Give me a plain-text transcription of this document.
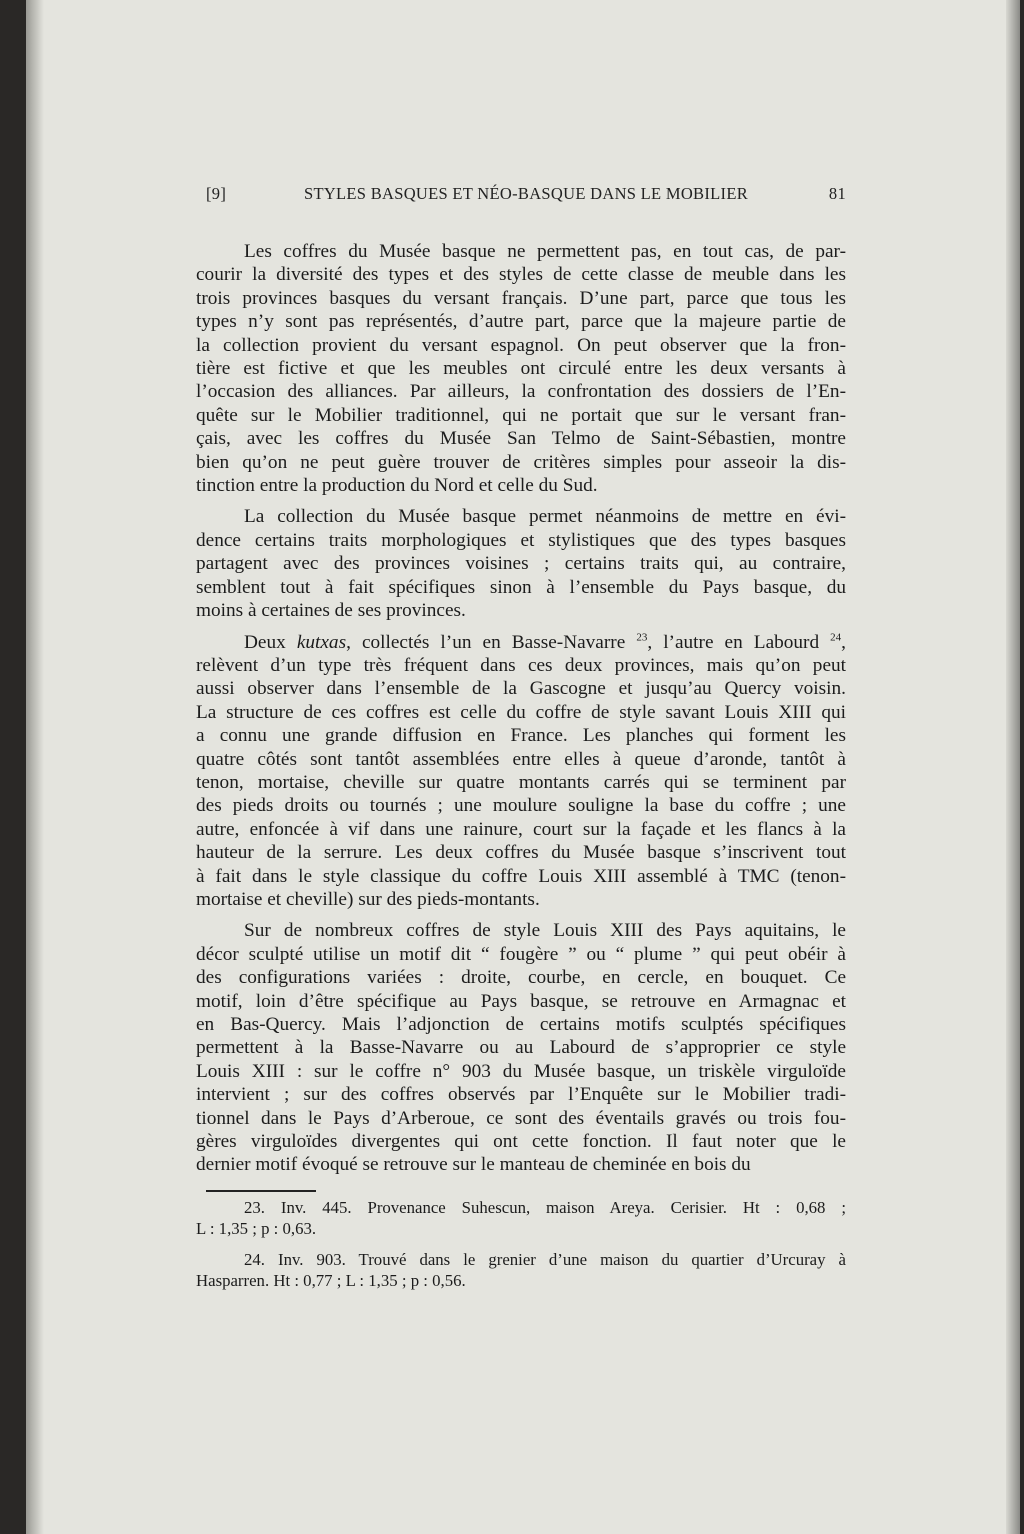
[9]	STYLES BASQUES ET NÉO-BASQUE DANS LE MOBILIER	81
Les coffres du Musée basque ne permettent pas, en tout cas, de par-
courir la diversité des types et des styles de cette classe de meuble dans les
trois provinces basques du versant français. D’une part, parce que tous les
types n’y sont pas représentés, d’autre part, parce que la majeure partie de
la collection provient du versant espagnol. On peut observer que la fron-
tière est fictive et que les meubles ont circulé entre les deux versants à
l’occasion des alliances. Par ailleurs, la confrontation des dossiers de l’En-
quête sur le Mobilier traditionnel, qui ne portait que sur le versant fran-
çais, avec les coffres du Musée San Telmo de Saint-Sébastien, montre
bien qu’on ne peut guère trouver de critères simples pour asseoir la dis-
tinction entre la production du Nord et celle du Sud.
La collection du Musée basque permet néanmoins de mettre en évi-
dence certains traits morphologiques et stylistiques que des types basques
partagent avec des provinces voisines ; certains traits qui, au contraire,
semblent tout à fait spécifiques sinon à l’ensemble du Pays basque, du
moins à certaines de ses provinces.
Deux kutxas, collectés l’un en Basse-Navarre $^{23}$, l’autre en Labourd $^{24}$,
relèvent d’un type très fréquent dans ces deux provinces, mais qu’on peut
aussi observer dans l’ensemble de la Gascogne et jusqu’au Quercy voisin.
La structure de ces coffres est celle du coffre de style savant Louis XIII qui
a connu une grande diffusion en France. Les planches qui forment les
quatre côtés sont tantôt assemblées entre elles à queue d’aronde, tantôt à
tenon, mortaise, cheville sur quatre montants carrés qui se terminent par
des pieds droits ou tournés ; une moulure souligne la base du coffre ; une
autre, enfoncée à vif dans une rainure, court sur la façade et les flancs à la
hauteur de la serrure. Les deux coffres du Musée basque s’inscrivent tout
à fait dans le style classique du coffre Louis XIII assemblé à TMC (tenon-
mortaise et cheville) sur des pieds-montants.
Sur de nombreux coffres de style Louis XIII des Pays aquitains, le
décor sculpté utilise un motif dit “ fougère ” ou “ plume ” qui peut obéir à
des configurations variées : droite, courbe, en cercle, en bouquet. Ce
motif, loin d’être spécifique au Pays basque, se retrouve en Armagnac et
en Bas-Quercy. Mais l’adjonction de certains motifs sculptés spécifiques
permettent à la Basse-Navarre ou au Labourd de s’approprier ce style
Louis XIII : sur le coffre n° 903 du Musée basque, un triskèle virguloïde
intervient ; sur des coffres observés par l’Enquête sur le Mobilier tradi-
tionnel dans le Pays d’Arberoue, ce sont des éventails gravés ou trois fou-
gères virguloïdes divergentes qui ont cette fonction. Il faut noter que le
dernier motif évoqué se retrouve sur le manteau de cheminée en bois du
23. Inv. 445. Provenance Suhescun, maison Areya. Cerisier. Ht : 0,68 ;
L : 1,35 ; p : 0,63.
24. Inv. 903. Trouvé dans le grenier d’une maison du quartier d’Urcuray à
Hasparren. Ht : 0,77 ; L : 1,35 ; p : 0,56.
